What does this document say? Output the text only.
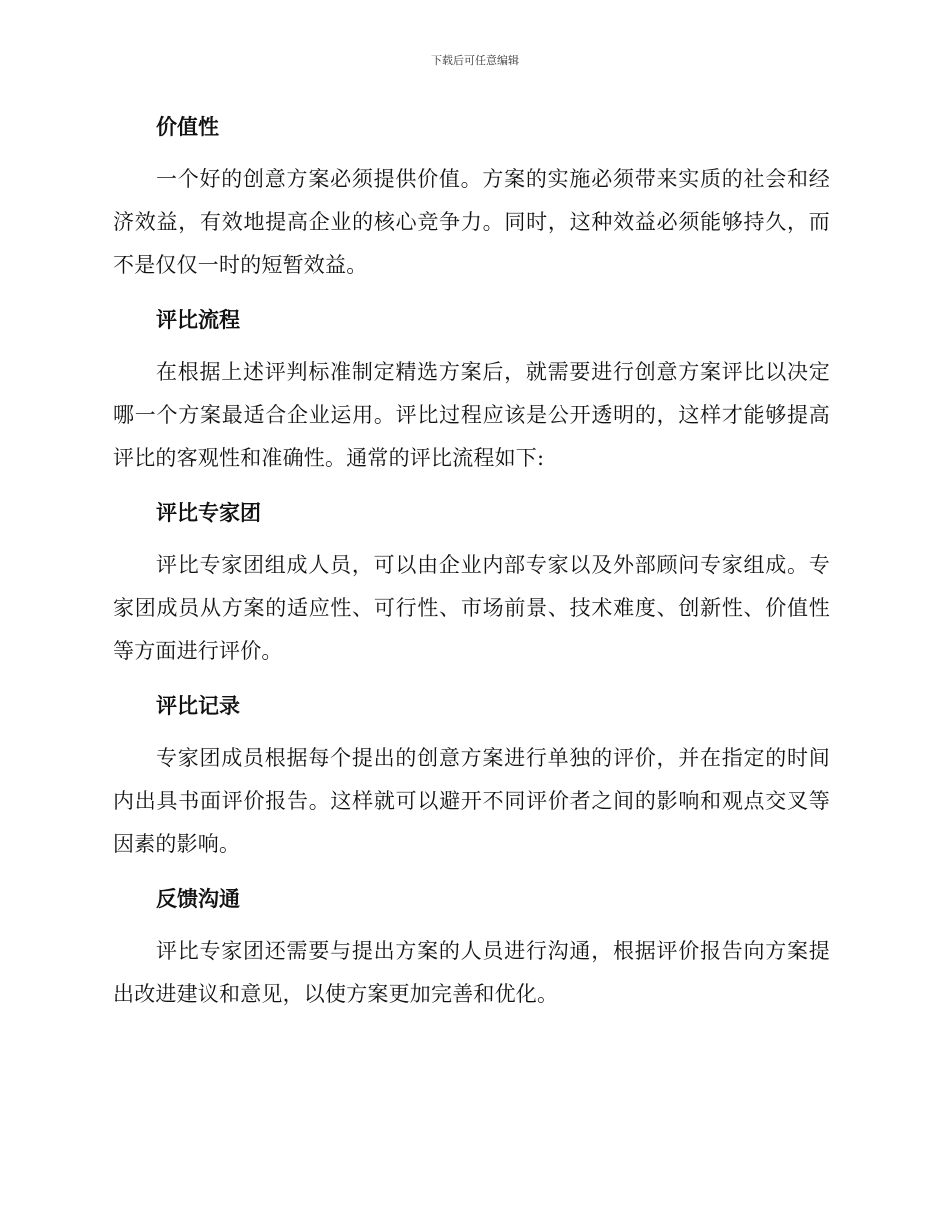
下载后可任意编辑
价值性

一个好的创意方案必须提供价值。方案的实施必须带来实质的社会和经济效益，有效地提高企业的核心竞争力。同时，这种效益必须能够持久，而不是仅仅一时的短暂效益。

评比流程

在根据上述评判标准制定精选方案后，就需要进行创意方案评比以决定哪一个方案最适合企业运用。评比过程应该是公开透明的，这样才能够提高评比的客观性和准确性。通常的评比流程如下:

评比专家团

评比专家团组成人员，可以由企业内部专家以及外部顾问专家组成。专家团成员从方案的适应性、可行性、市场前景、技术难度、创新性、价值性等方面进行评价。

评比记录

专家团成员根据每个提出的创意方案进行单独的评价，并在指定的时间内出具书面评价报告。这样就可以避开不同评价者之间的影响和观点交叉等因素的影响。

反馈沟通

评比专家团还需要与提出方案的人员进行沟通，根据评价报告向方案提出改进建议和意见，以使方案更加完善和优化。
